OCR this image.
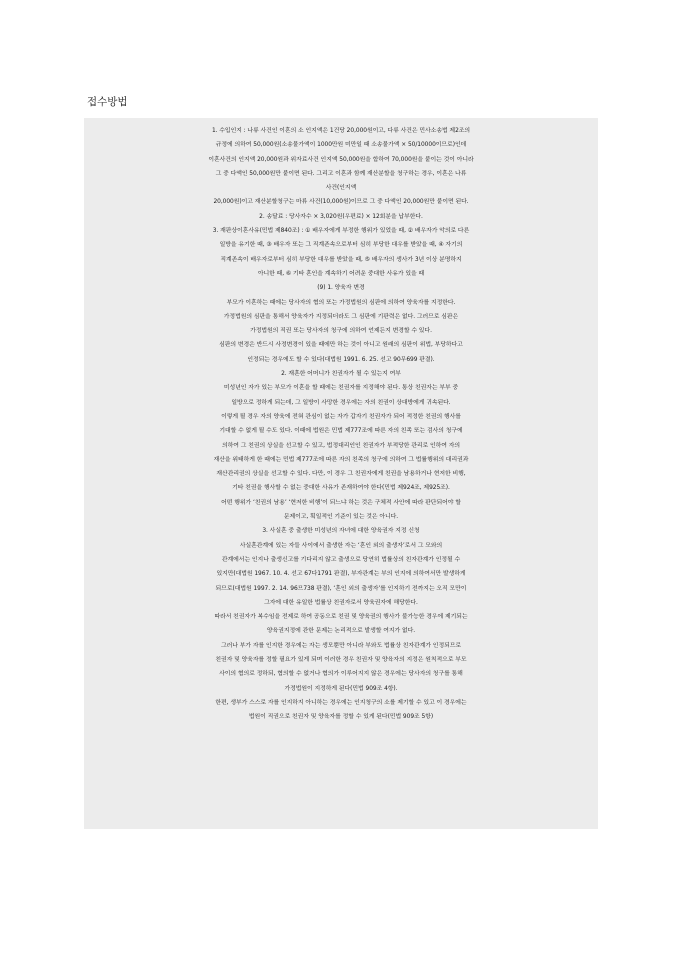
접수방법
1. 수입인지 : 나류 사건인 이혼의 소 인지액은 1건당 20,000원이고, 다류 사건은 민사소송법 제2조의
규정에 의하여 50,000원(소송물가액이 1000만원 미만일 때 소송물가액 × 50/10000이므로)인데
이혼사건의 인지액 20,000원과 위자료사건 인지액 50,000원을 합하여 70,000원을 붙이는 것이 아니라
그 중 다액인 50,000원만 붙이면 된다. 그리고 이혼과 함께 재산분할을 청구하는 경우, 이혼은 나류
사건(인지액
20,000원)이고 재산분할청구는 마류 사건(10,000원)이므로 그 중 다액인 20,000원만 붙이면 된다.
2. 송달료 : 당사자수 × 3,020원(우편료) × 12회분을 납부한다.
3. 재판상이혼사유(민법 제840조) : ① 배우자에게 부정한 행위가 있었을 때, ② 배우자가 악의로 다른
일방을 유기한 때, ③ 배우자 또는 그 직계존속으로부터 심히 부당한 대우를 받았을 때, ④ 자기의
직계존속이 배우자로부터 심히 부당한 대우를 받았을 때, ⑤ 배우자의 생사가 3년 이상 분명하지
아니한 때, ⑥ 기타 혼인을 계속하기 어려운 중대한 사유가 있을 때
(9) 1. 양육자 변경
부모가 이혼하는 때에는 당사자의 협의 또는 가정법원의 심판에 의하여 양육자를 지정한다.
가정법원의 심판을 통해서 양육자가 지정되더라도 그 심판에 기판력은 없다. 그러므로 심판은
가정법원의 직권 또는 당사자의 청구에 의하여 언제든지 변경할 수 있다.
심판의 변경은 반드시 사정변경이 있을 때에만 하는 것이 아니고 원래의 심판이 위법, 부당하다고
인정되는 경우에도 할 수 있다(대법원 1991. 6. 25. 선고 90무699 판결).
2. 재혼한 어머니가 친권자가 될 수 있는지 여부
미성년인 자가 있는 부모가 이혼을 할 때에는 친권자를 지정해야 된다. 통상 친권자는 부부 중
일방으로 정하게 되는데, 그 일방이 사망한 경우에는 자의 친권이 상대방에게 귀속된다.
이렇게 될 경우 자의 양육에 전혀 관심이 없는 자가 갑자기 친권자가 되어 적정한 친권의 행사를
기대할 수 없게 될 수도 있다. 이때에 법원은 민법 제777조에 따른 자의 친족 또는 검사의 청구에
의하여 그 친권의 상실을 선고할 수 있고, 법정대리인인 친권자가 부적당한 관리로 인하여 자의
재산을 위태하게 한 때에는 민법 제777조에 따른 자의 친족의 청구에 의하여 그 법률행위의 대리권과
재산관리권의 상실을 선고할 수 있다. 다만, 이 경우 그 친권자에게 친권을 남용하거나 현저한 비행,
기타 친권을 행사할 수 없는 중대한 사유가 존재하여야 한다(민법 제924조, 제925조).
어떤 행위가 ‘친권의 남용’ ‘현저한 비행’이 되느냐 하는 것은 구체적 사안에 따라 판단되어야 할
문제이고, 획일적인 기준이 있는 것은 아니다.
3. 사실혼 중 출생한 미성년의 자녀에 대한 양육권자 지정 신청
사실혼관계에 있는 자들 사이에서 출생한 자는 ‘혼인 외의 출생자’로서 그 모와의
관계에서는 인지나 출생신고를 기다리지 않고 출생으로 당연히 법률상의 친자관계가 인정될 수
있지만(대법원 1967. 10. 4. 선고 67다1791 판결), 부자관계는 부의 인지에 의하여서만 발생하게
되므로(대법원 1997. 2. 14. 96므738 판결), ‘혼인 외의 출생자’를 인지하기 전까지는 오직 모만이
그자에 대한 유일한 법률상 친권자로서 양육권자에 해당한다.
따라서 친권자가 복수임을 전제로 하여 공동으로 친권 및 양육권의 행사가 불가능한 경우에 제기되는
양육권지정에 관한 문제는 논리적으로 발생할 여지가 없다.
그러나 부가 자를 인지한 경우에는 자는 생모뿐만 아니라 부와도 법률상 친자관계가 인정되므로
친권자 및 양육자를 정할 필요가 있게 되며 이러한 경우 친권자 및 양육자의 지정은 원칙적으로 부모
사이의 협의로 정하되, 협의할 수 없거나 협의가 이루어지지 않은 경우에는 당사자의 청구를 통해
가정법원이 지정하게 된다(민법 909조 4항).
한편, 생부가 스스로 자를 인지하지 아니하는 경우에는 인지청구의 소를 제기할 수 있고 이 경우에는
법원이 직권으로 친권자 및 양육자를 정할 수 있게 된다(민법 909조 5항)
